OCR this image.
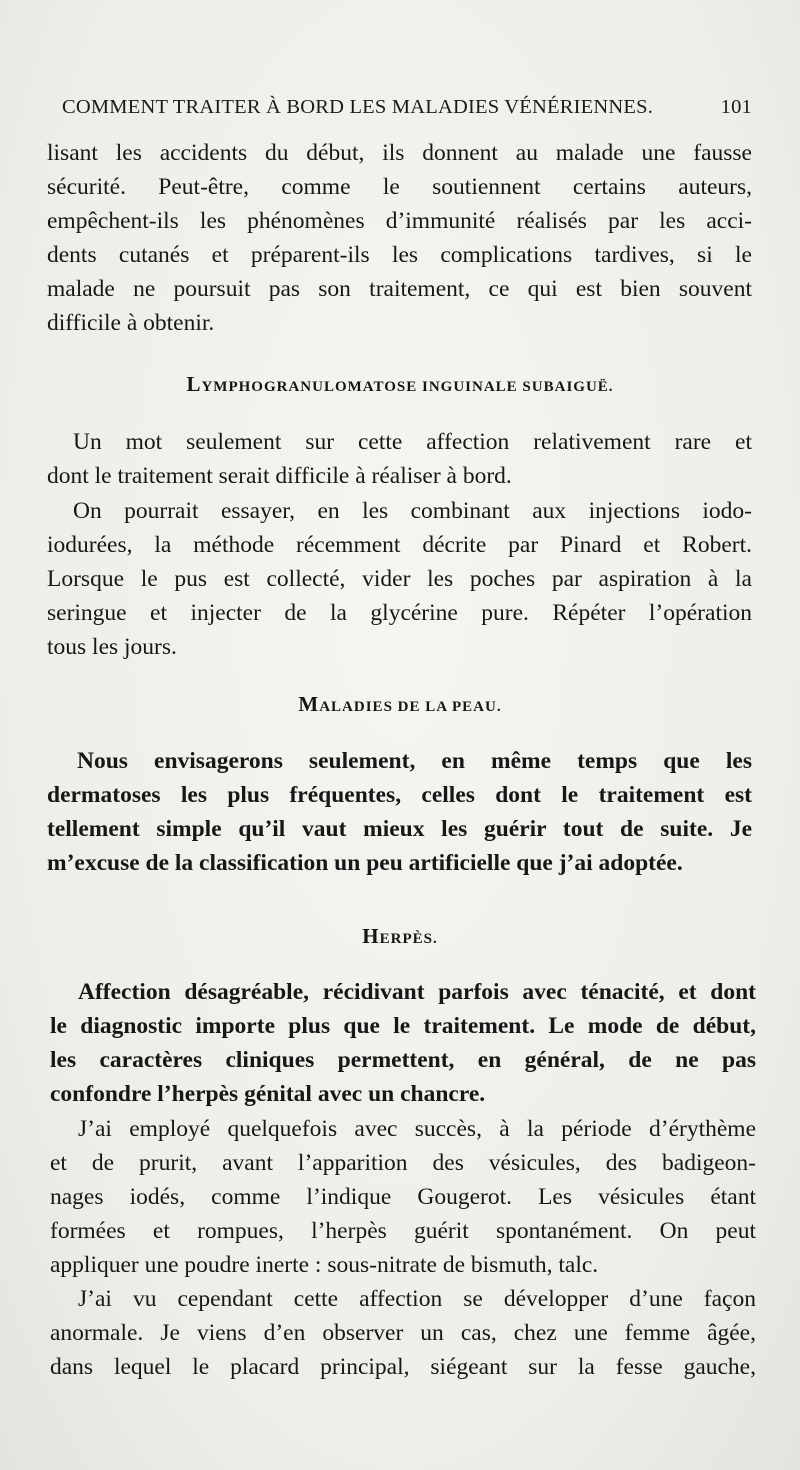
COMMENT TRAITER À BORD LES MALADIES VÉNÉRIENNES.	101
lisant les accidents du début, ils donnent au malade une fausse
sécurité. Peut-être, comme le soutiennent certains auteurs,
empêchent-ils les phénomènes d’immunité réalisés par les acci-
dents cutanés et préparent-ils les complications tardives, si le
malade ne poursuit pas son traitement, ce qui est bien souvent
difficile à obtenir.
LYMPHOGRANULOMATOSE INGUINALE SUBAIGUË.
Un mot seulement sur cette affection relativement rare et
dont le traitement serait difficile à réaliser à bord.
On pourrait essayer, en les combinant aux injections iodo-
iodurées, la méthode récemment décrite par Pinard et Robert.
Lorsque le pus est collecté, vider les poches par aspiration à la
seringue et injecter de la glycérine pure. Répéter l’opération
tous les jours.
MALADIES DE LA PEAU.
Nous envisagerons seulement, en même temps que les
dermatoses les plus fréquentes, celles dont le traitement est
tellement simple qu’il vaut mieux les guérir tout de suite. Je
m’excuse de la classification un peu artificielle que j’ai adoptée.
HERPÈS.
Affection désagréable, récidivant parfois avec ténacité, et dont
le diagnostic importe plus que le traitement. Le mode de début,
les caractères cliniques permettent, en général, de ne pas
confondre l’herpès génital avec un chancre.
J’ai employé quelquefois avec succès, à la période d’érythème
et de prurit, avant l’apparition des vésicules, des badigeon-
nages iodés, comme l’indique Gougerot. Les vésicules étant
formées et rompues, l’herpès guérit spontanément. On peut
appliquer une poudre inerte : sous-nitrate de bismuth, talc.
J’ai vu cependant cette affection se développer d’une façon
anormale. Je viens d’en observer un cas, chez une femme âgée,
dans lequel le placard principal, siégeant sur la fesse gauche,
